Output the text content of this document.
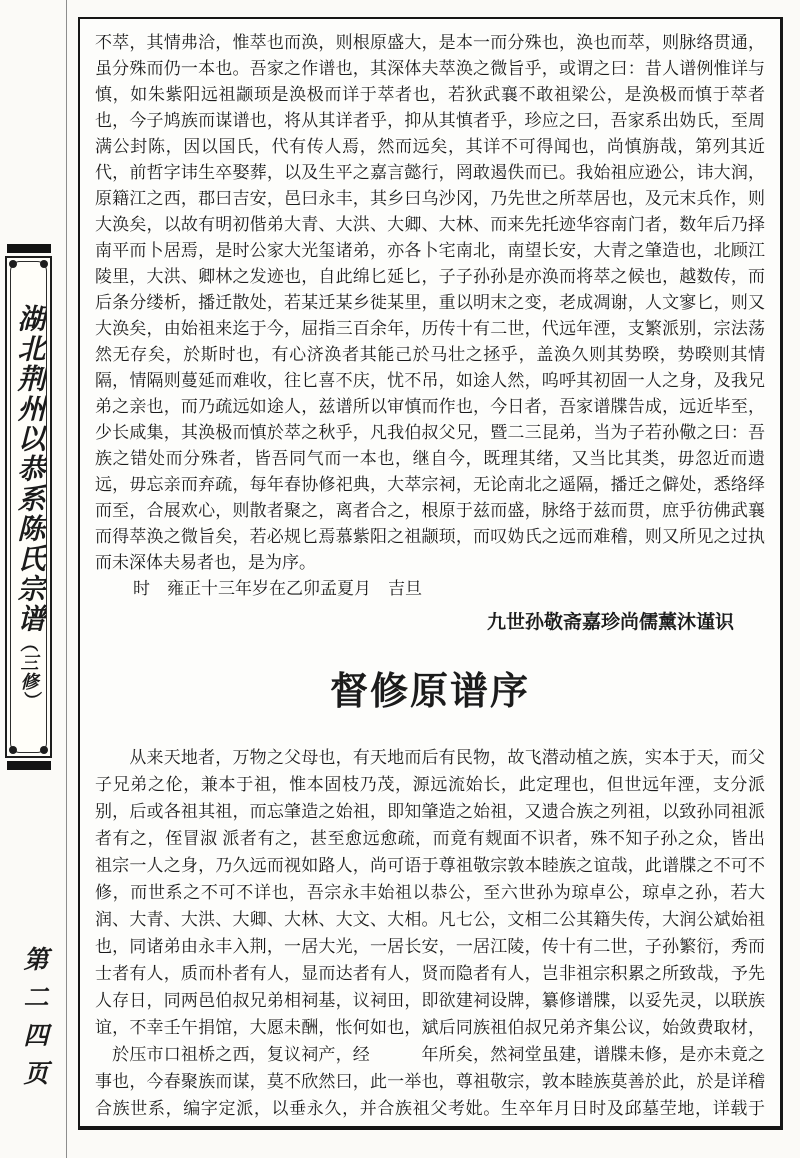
湖北荆州以恭系陈氏宗谱（三修）
第二四页
不萃，其情弗洽，惟萃也而涣，则根原盛大，是本一而分殊也，涣也而萃，则脉络贯通，
虽分殊而仍一本也。吾家之作谱也，其深体夫萃涣之微旨乎，或谓之曰：昔人谱例惟详与
慎，如朱紫阳远祖颛顼是涣极而详于萃者也，若狄武襄不敢祖梁公，是涣极而慎于萃者
也，今子鸠族而谋谱也，将从其详者乎，抑从其慎者乎，珍应之曰，吾家系出妫氏，至周
满公封陈，因以国氏，代有传人焉，然而远矣，其详不可得闻也，尚慎旃哉，第列其近
代，前哲字讳生卒娶葬，以及生平之嘉言懿行，罔敢遏佚而已。我始祖应逊公，讳大润，
原籍江之西，郡曰吉安，邑曰永丰，其乡曰乌沙冈，乃先世之所萃居也，及元末兵作，则
大涣矣，以故有明初偕弟大青、大洪、大卿、大林、而来先托迹华容南门者，数年后乃择
南平而卜居焉，是时公家大光玺诸弟，亦各卜宅南北，南望长安，大青之肇造也，北顾江
陵里，大洪、卿林之发迹也，自此绵匕延匕，子子孙孙是亦涣而将萃之候也，越数传，而
后条分缕析，播迁散处，若某迁某乡徙某里，重以明末之变，老成凋谢，人文寥匕，则又
大涣矣，由始祖来迄于今，屈指三百余年，历传十有二世，代远年湮，支繁派别，宗法荡
然无存矣，於斯时也，有心济涣者其能己於马壮之拯乎，盖涣久则其势暌，势暌则其情
隔，情隔则蔓延而难收，往匕喜不庆，忧不吊，如途人然，呜呼其初固一人之身，及我兄
弟之亲也，而乃疏远如途人，兹谱所以审慎而作也，今日者，吾家谱牒告成，远近毕至，
少长咸集，其涣极而慎於萃之秋乎，凡我伯叔父兄，暨二三昆弟，当为子若孙儆之曰：吾
族之错处而分殊者，皆吾同气而一本也，继自今，既理其绪，又当比其类，毋忽近而遗
远，毋忘亲而弃疏，每年春协修祀典，大萃宗祠，无论南北之遥隔，播迁之僻处，悉络绎
而至，合展欢心，则散者聚之，离者合之，根原于兹而盛，脉络于兹而贯，庶乎彷佛武襄
而得萃涣之微旨矣，若必规匕焉慕紫阳之祖颛顼，而叹妫氏之远而难稽，则又所见之过执
而未深体夫易者也，是为序。
时　雍正十三年岁在乙卯孟夏月　吉旦
九世孙敬斋嘉珍尚儒薰沐谨识
督修原谱序
　　从来天地者，万物之父母也，有天地而后有民物，故飞潜动植之族，实本于天，而父
子兄弟之伦，兼本于祖，惟本固枝乃茂，源远流始长，此定理也，但世远年湮，支分派
别，后或各祖其祖，而忘肇造之始祖，即知肇造之始祖，又遗合族之列祖，以致孙同祖派
者有之，侄冒淑 派者有之，甚至愈远愈疏，而竟有觌面不识者，殊不知子孙之众，皆出
祖宗一人之身，乃久远而视如路人，尚可语于尊祖敬宗敦本睦族之谊哉，此谱牒之不可不
修，而世系之不可不详也，吾宗永丰始祖以恭公，至六世孙为琼卓公，琼卓之孙，若大
润、大青、大洪、大卿、大林、大文、大相。凡七公，文相二公其籍失传，大润公斌始祖
也，同诸弟由永丰入荆，一居大光，一居长安，一居江陵，传十有二世，子孙繁衍，秀而
士者有人，质而朴者有人，显而达者有人，贤而隐者有人，岂非祖宗积累之所致哉，予先
人存日，同两邑伯叔兄弟相祠基，议祠田，即欲建祠设牌，纂修谱牒，以妥先灵，以联族
谊，不幸壬午捐馆，大愿未酬，怅何如也，斌后同族祖伯叔兄弟齐集公议，始敛费取材，
　於压市口祖桥之西，复议祠产，经　　　年所矣，然祠堂虽建，谱牒未修，是亦未竟之
事也，今春聚族而谋，莫不欣然曰，此一举也，尊祖敬宗，敦本睦族莫善於此，於是详稽
合族世系，编字定派，以垂永久，并合族祖父考妣。生卒年月日时及邱墓茔地，详载于
